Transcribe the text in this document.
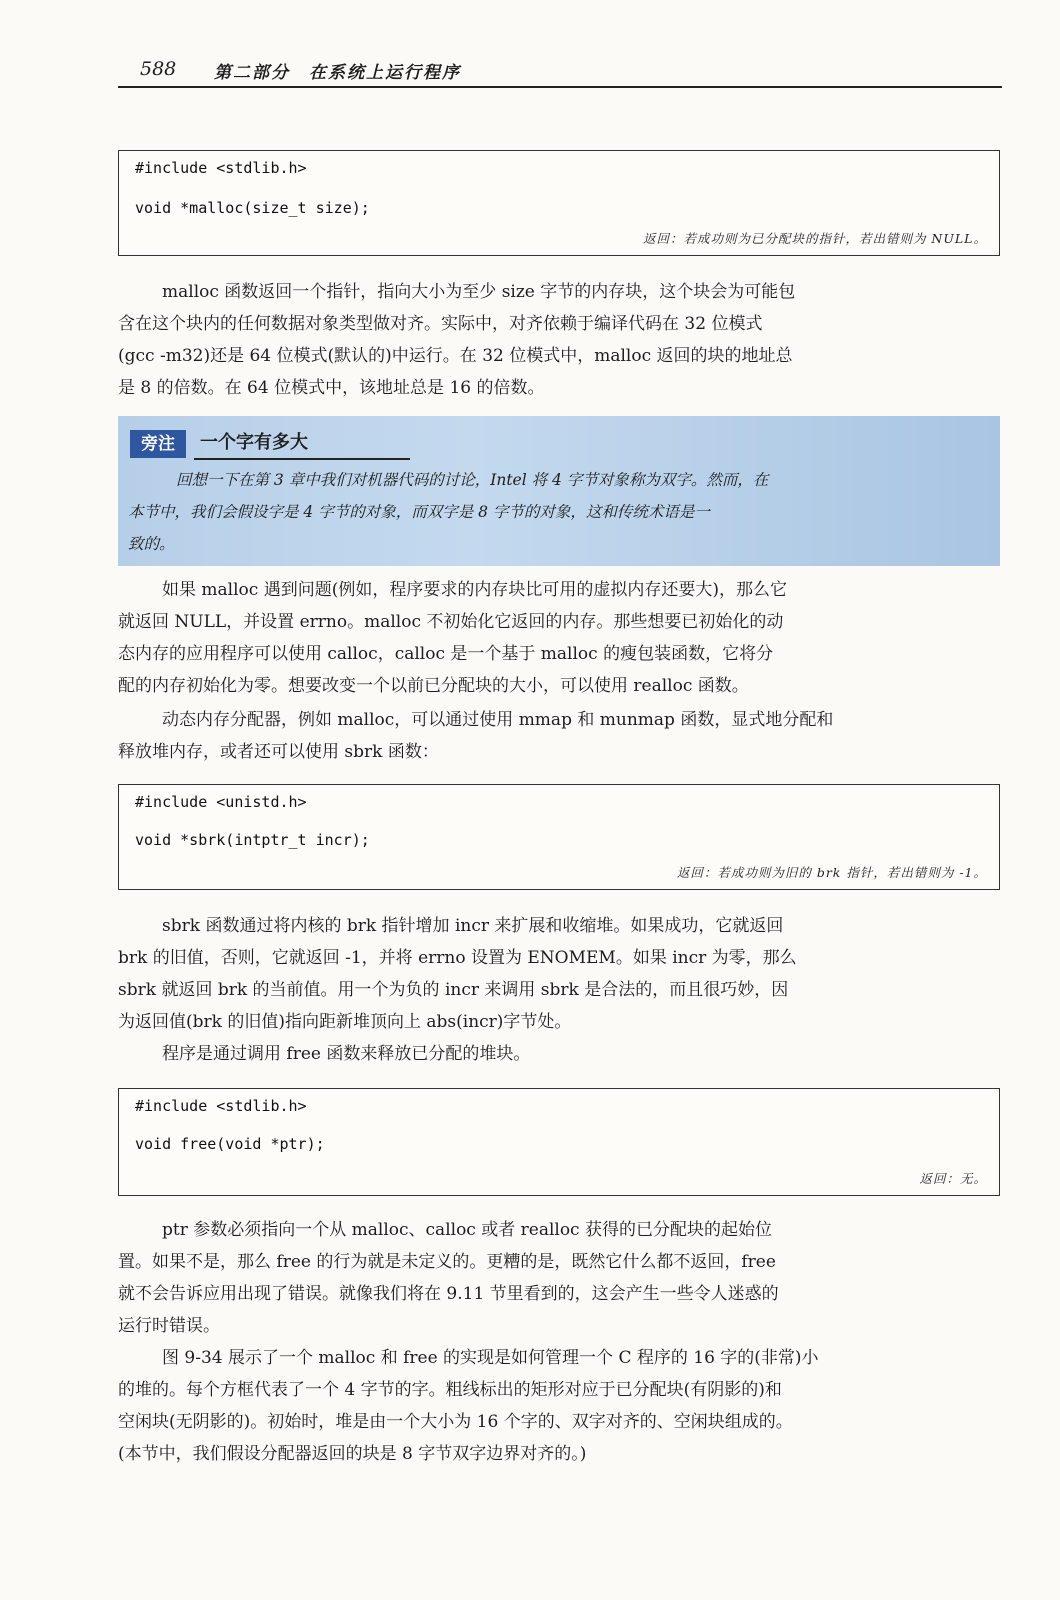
588 第二部分　在系统上运行程序
#include <stdlib.h>
void *malloc(size_t size);
返回：若成功则为已分配块的指针，若出错则为 NULL。

malloc 函数返回一个指针，指向大小为至少 size 字节的内存块，这个块会为可能包
含在这个块内的任何数据对象类型做对齐。实际中，对齐依赖于编译代码在 32 位模式
(gcc -m32)还是 64 位模式(默认的)中运行。在 32 位模式中，malloc 返回的块的地址总
是 8 的倍数。在 64 位模式中，该地址总是 16 的倍数。

旁注	一个字有多大
回想一下在第 3 章中我们对机器代码的讨论，Intel 将 4 字节对象称为双字。然而，在
本节中，我们会假设字是 4 字节的对象，而双字是 8 字节的对象，这和传统术语是一
致的。

如果 malloc 遇到问题(例如，程序要求的内存块比可用的虚拟内存还要大)，那么它
就返回 NULL，并设置 errno。malloc 不初始化它返回的内存。那些想要已初始化的动
态内存的应用程序可以使用 calloc，calloc 是一个基于 malloc 的瘦包装函数，它将分
配的内存初始化为零。想要改变一个以前已分配块的大小，可以使用 realloc 函数。

动态内存分配器，例如 malloc，可以通过使用 mmap 和 munmap 函数，显式地分配和
释放堆内存，或者还可以使用 sbrk 函数：

#include <unistd.h>
void *sbrk(intptr_t incr);
返回：若成功则为旧的 brk 指针，若出错则为 -1。

sbrk 函数通过将内核的 brk 指针增加 incr 来扩展和收缩堆。如果成功，它就返回
brk 的旧值，否则，它就返回 -1，并将 errno 设置为 ENOMEM。如果 incr 为零，那么
sbrk 就返回 brk 的当前值。用一个为负的 incr 来调用 sbrk 是合法的，而且很巧妙，因
为返回值(brk 的旧值)指向距新堆顶向上 abs(incr)字节处。

程序是通过调用 free 函数来释放已分配的堆块。

#include <stdlib.h>
void free(void *ptr);
返回：无。

ptr 参数必须指向一个从 malloc、calloc 或者 realloc 获得的已分配块的起始位
置。如果不是，那么 free 的行为就是未定义的。更糟的是，既然它什么都不返回，free
就不会告诉应用出现了错误。就像我们将在 9.11 节里看到的，这会产生一些令人迷惑的
运行时错误。

图 9-34 展示了一个 malloc 和 free 的实现是如何管理一个 C 程序的 16 字的(非常)小
的堆的。每个方框代表了一个 4 字节的字。粗线标出的矩形对应于已分配块(有阴影的)和
空闲块(无阴影的)。初始时，堆是由一个大小为 16 个字的、双字对齐的、空闲块组成的。
(本节中，我们假设分配器返回的块是 8 字节双字边界对齐的。)
